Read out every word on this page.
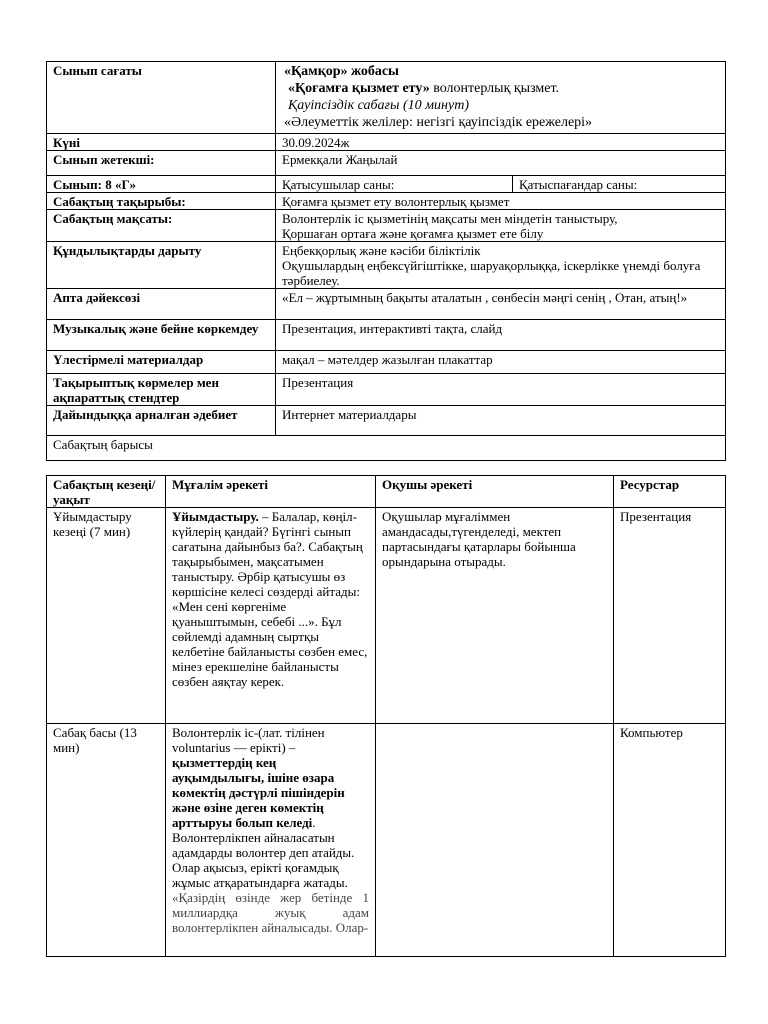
Сынып сағаты	«Қамқор» жобасы
«Қоғамға қызмет ету» волонтерлық қызмет.
Қауіпсіздік сабағы (10 минут)
«Әлеуметтік желілер: негізгі қауіпсіздік ережелері»	

Күні	30.09.2024ж	
Сынып жетекші:	Ермекқали Жаңылай	
Сынып: 8 «Г»	Қатысушылар саны:	Қатыспағандар саны:
Сабақтың тақырыбы:	Қоғамға қызмет ету волонтерлық қызмет	
Сабақтың мақсаты:	Волонтерлік іс қызметінің мақсаты мен міндетін таныстыру,
Қоршаған ортаға және қоғамға қызмет ете білу	

Құндылықтарды дарыту	Еңбекқорлық және кәсіби біліктілік
Оқушылардың еңбексүйгіштікке, шаруақорлыққа, іскерлікке үнемді болуға тәрбиелеу.	

Апта дәйексөзі	«Ел – жұртымның бақыты аталатын , сөнбесін мәңгі сенің , Отан, атың!»	
Музыкалық және бейне көркемдеу	Презентация, интерактивті тақта, слайд	
Үлестірмелі материалдар	мақал – мәтелдер жазылған плакаттар	
Тақырыптық көрмелер мен ақпараттық стендтер	Презентация	
Дайындыққа арналған әдебиет	Интернет материалдары	
Сабақтың барысы		
Сабақтың кезеңі/ уақыт	Мұғалім әрекеті	Оқушы әрекеті	Ресурстар
Ұйымдастыру кезеңі (7 мин)	Ұйымдастыру. – Балалар, көңіл-күйлерің қандай? Бүгінгі сынып сағатына дайынбыз ба?. Сабақтың тақырыбымен, мақсатымен таныстыру. Әрбір қатысушы өз көршісіне келесі сөздерді айтады: «Мен сені көргеніме қуаныштымын, себебі ...». Бұл сөйлемді адамның сыртқы келбетіне байланысты сөзбен емес, мінез ерекшеліне байланысты сөзбен аяқтау керек.	Оқушылар мұғаліммен амандасады,түгенделеді, мектеп партасындағы қатарлары бойынша орындарына отырады.	Презентация
Сабақ басы (13 мин)	Волонтерлік іс-(лат. тілінен voluntarius — ерікті) – қызметтердің кең ауқымдылығы, ішіне өзара көмектің дәстүрлі пішіндерін және өзіне деген көмектің арттыруы болып келеді. Волонтерлікпен айналасатын адамдарды волонтер деп атайды. Олар ақысыз, ерікті қоғамдық жұмыс атқаратындарға жатады.
«Қазірдің өзінде жер бетінде 1 миллиардқа жуық адам волонтерлікпен айналысады. Олар-		Компьютер
